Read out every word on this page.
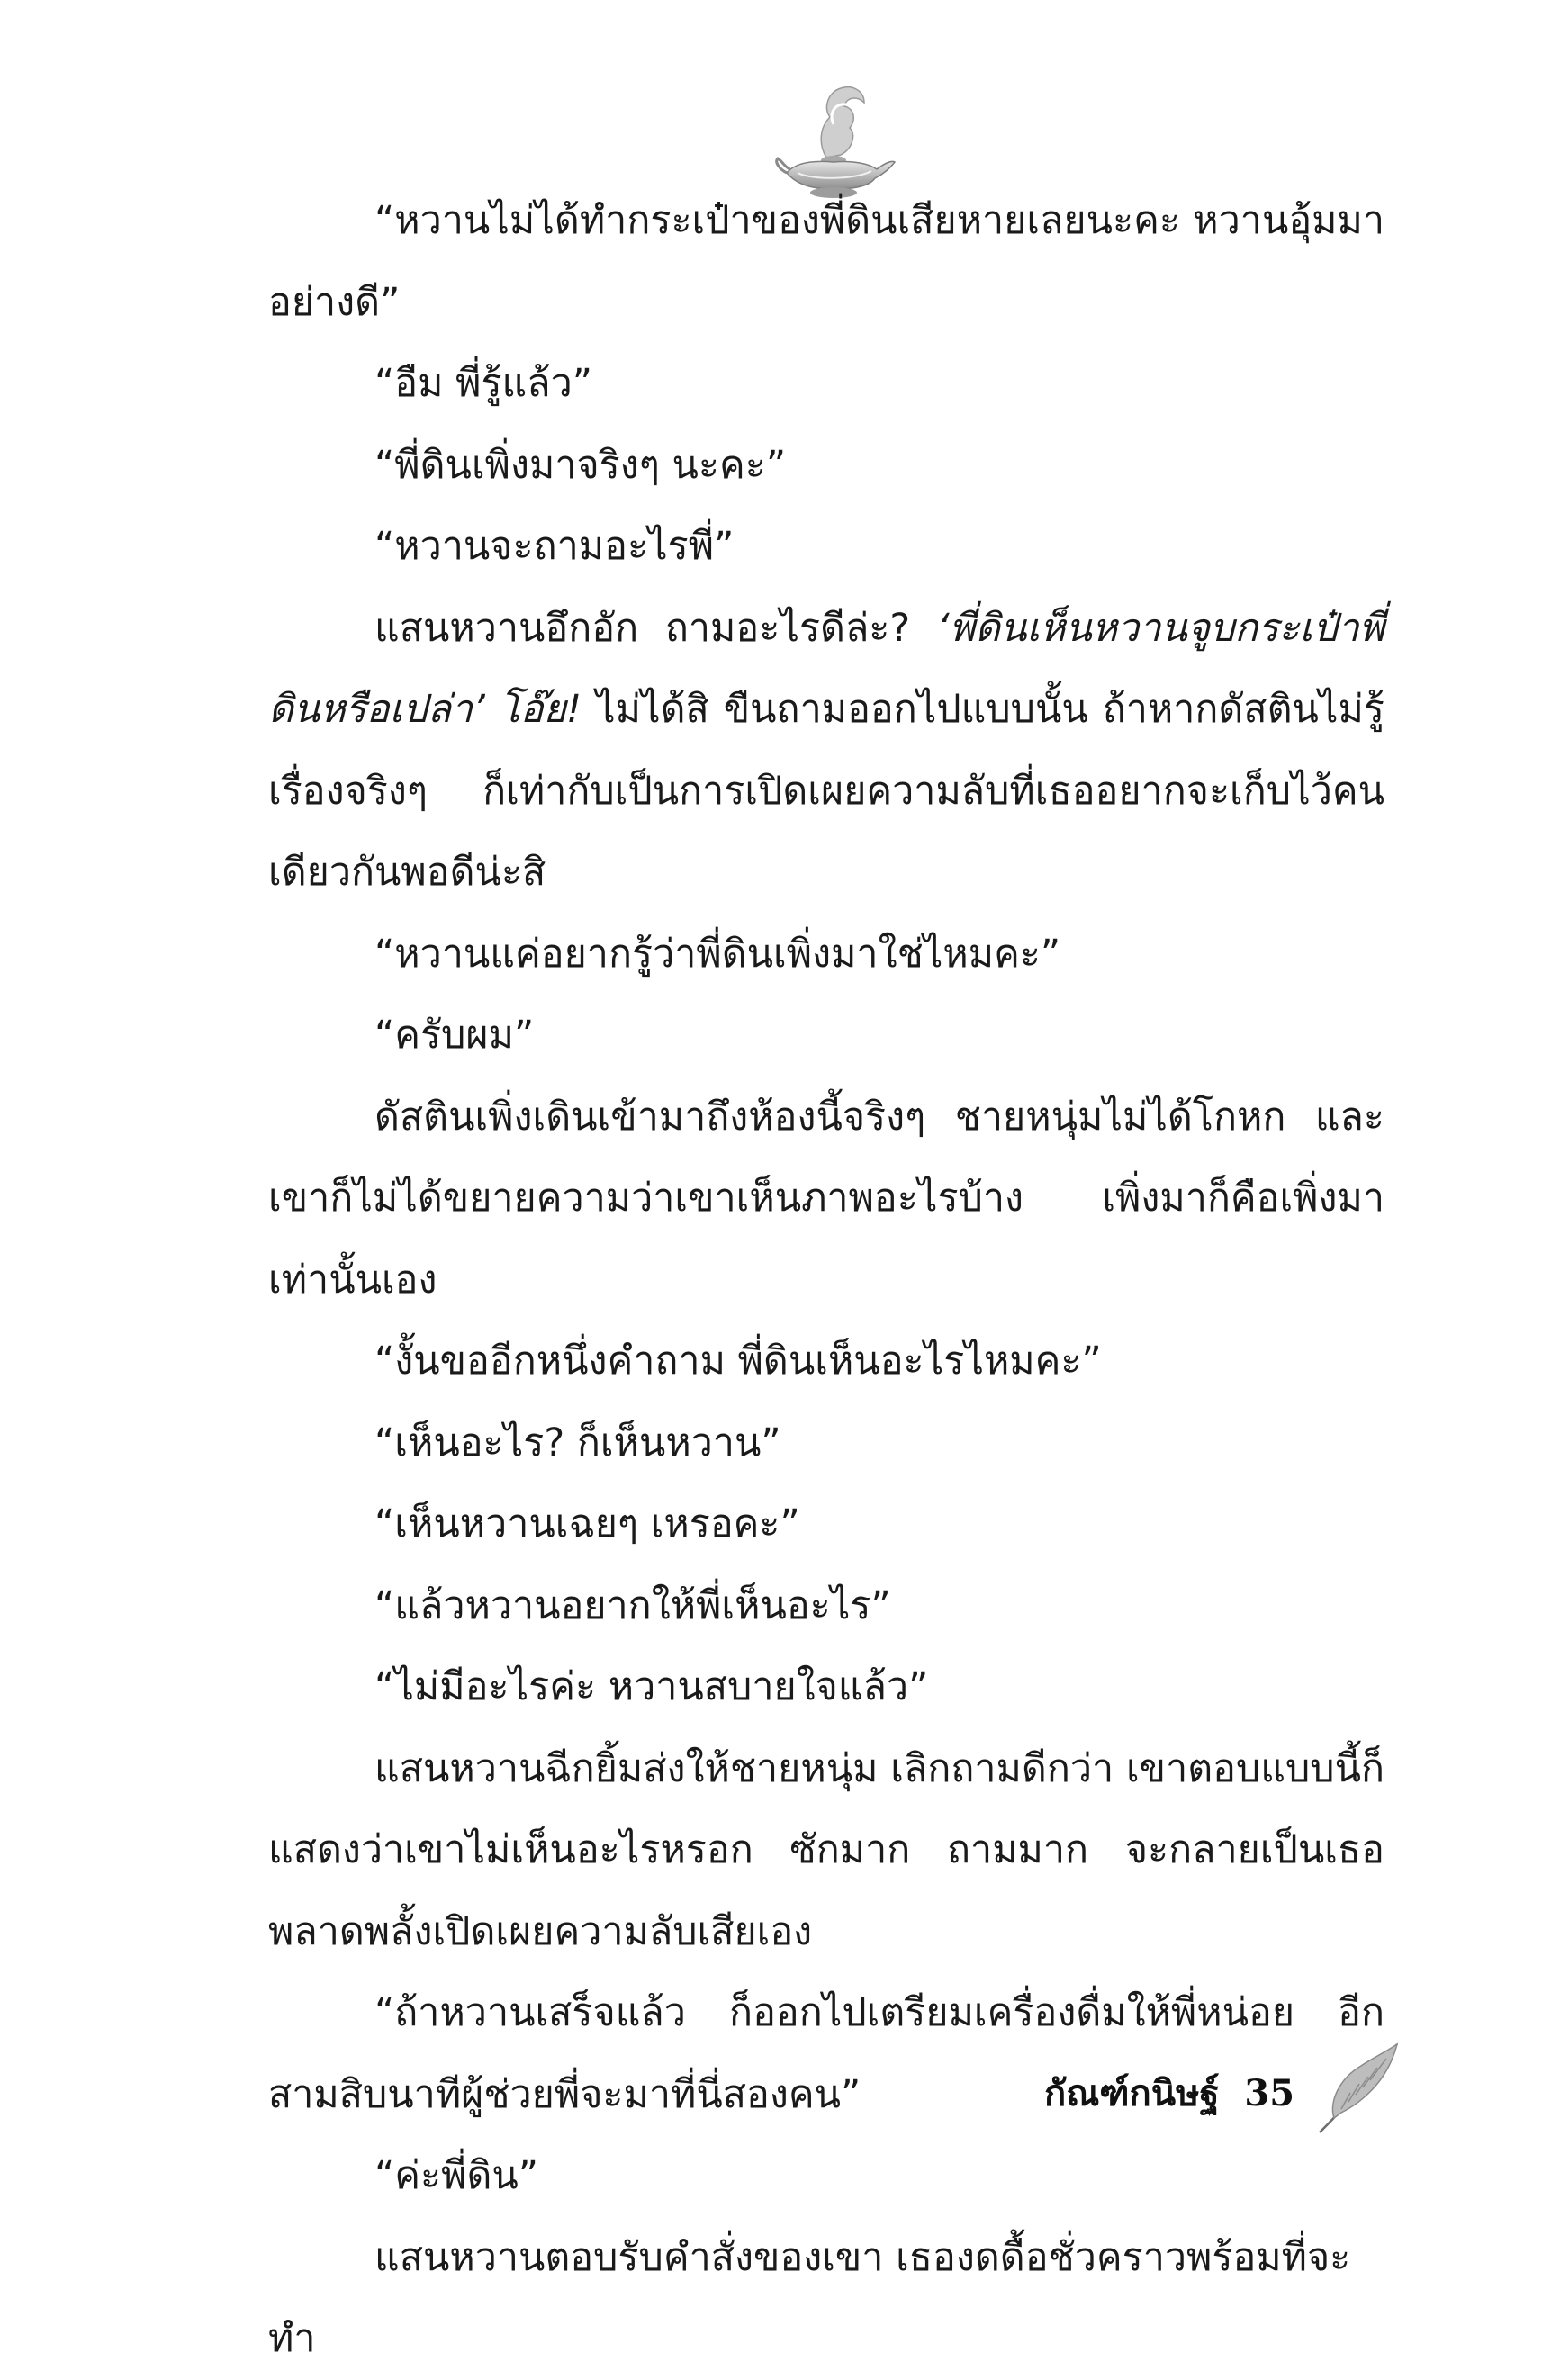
“หวานไม่ได้ทำกระเป๋าของพี่ดินเสียหายเลยนะคะ หวานอุ้มมาอย่างดี”

“อืม พี่รู้แล้ว”

“พี่ดินเพิ่งมาจริงๆ นะคะ”

“หวานจะถามอะไรพี่”

แสนหวานอึกอัก ถามอะไรดีล่ะ? ‘พี่ดินเห็นหวานจูบกระเป๋าพี่ดินหรือเปล่า’ โอ๊ย! ไม่ได้สิ ขืนถามออกไปแบบนั้น ถ้าหากดัสตินไม่รู้เรื่องจริงๆ ก็เท่ากับเป็นการเปิดเผยความลับที่เธออยากจะเก็บไว้คนเดียวกันพอดีน่ะสิ

“หวานแค่อยากรู้ว่าพี่ดินเพิ่งมาใช่ไหมคะ”

“ครับผม”

ดัสตินเพิ่งเดินเข้ามาถึงห้องนี้จริงๆ ชายหนุ่มไม่ได้โกหก และเขาก็ไม่ได้ขยายความว่าเขาเห็นภาพอะไรบ้าง เพิ่งมาก็คือเพิ่งมาเท่านั้นเอง

“งั้นขออีกหนึ่งคำถาม พี่ดินเห็นอะไรไหมคะ”

“เห็นอะไร? ก็เห็นหวาน”

“เห็นหวานเฉยๆ เหรอคะ”

“แล้วหวานอยากให้พี่เห็นอะไร”

“ไม่มีอะไรค่ะ หวานสบายใจแล้ว”

แสนหวานฉีกยิ้มส่งให้ชายหนุ่ม เลิกถามดีกว่า เขาตอบแบบนี้ก็แสดงว่าเขาไม่เห็นอะไรหรอก ซักมาก ถามมาก จะกลายเป็นเธอพลาดพลั้งเปิดเผยความลับเสียเอง

“ถ้าหวานเสร็จแล้ว ก็ออกไปเตรียมเครื่องดื่มให้พี่หน่อย อีกสามสิบนาทีผู้ช่วยพี่จะมาที่นี่สองคน”

“ค่ะพี่ดิน”

แสนหวานตอบรับคำสั่งของเขา เธองดดื้อชั่วคราวพร้อมที่จะทำ

กัณฑ์กนิษฐ์ 35
